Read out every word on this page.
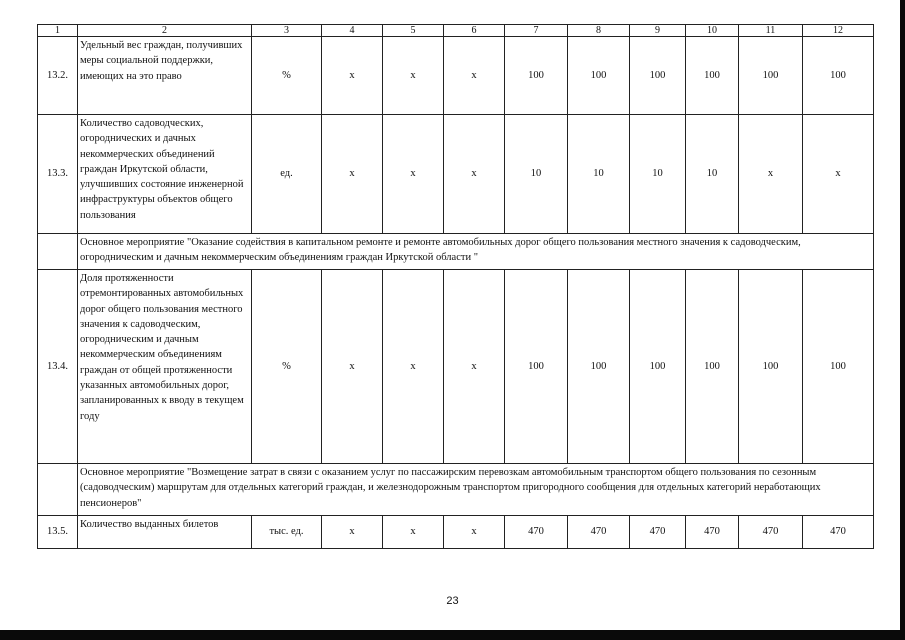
1	2	3	4	5	6	7	8	9	10	11	12
13.2.	Удельный вес граждан, получивших меры социальной поддержки, имеющих на это право	%	x	x	x	100	100	100	100	100	100
13.3.	Количество садоводческих, огороднических и дачных некоммерческих объединений граждан Иркутской области, улучшивших состояние инженерной инфраструктуры объектов общего пользования	ед.	x	x	x	10	10	10	10	x	x
	Основное мероприятие "Оказание содействия в капитальном ремонте и ремонте автомобильных дорог общего пользования местного значения к садоводческим, огородническим и дачным некоммерческим объединениям граждан Иркутской области "										
13.4.	Доля протяженности отремонтированных автомобильных дорог общего пользования местного значения к садоводческим, огородническим и дачным некоммерческим объединениям граждан от общей протяженности указанных автомобильных дорог, запланированных к вводу в текущем году	%	x	x	x	100	100	100	100	100	100
	Основное мероприятие "Возмещение затрат в связи с оказанием услуг по пассажирским перевозкам автомобильным транспортом общего пользования по сезонным (садоводческим) маршрутам для отдельных категорий граждан, и железнодорожным транспортом пригородного сообщения для отдельных категорий неработающих пенсионеров"										
13.5.	Количество выданных билетов	тыс. ед.	x	x	x	470	470	470	470	470	470
23
